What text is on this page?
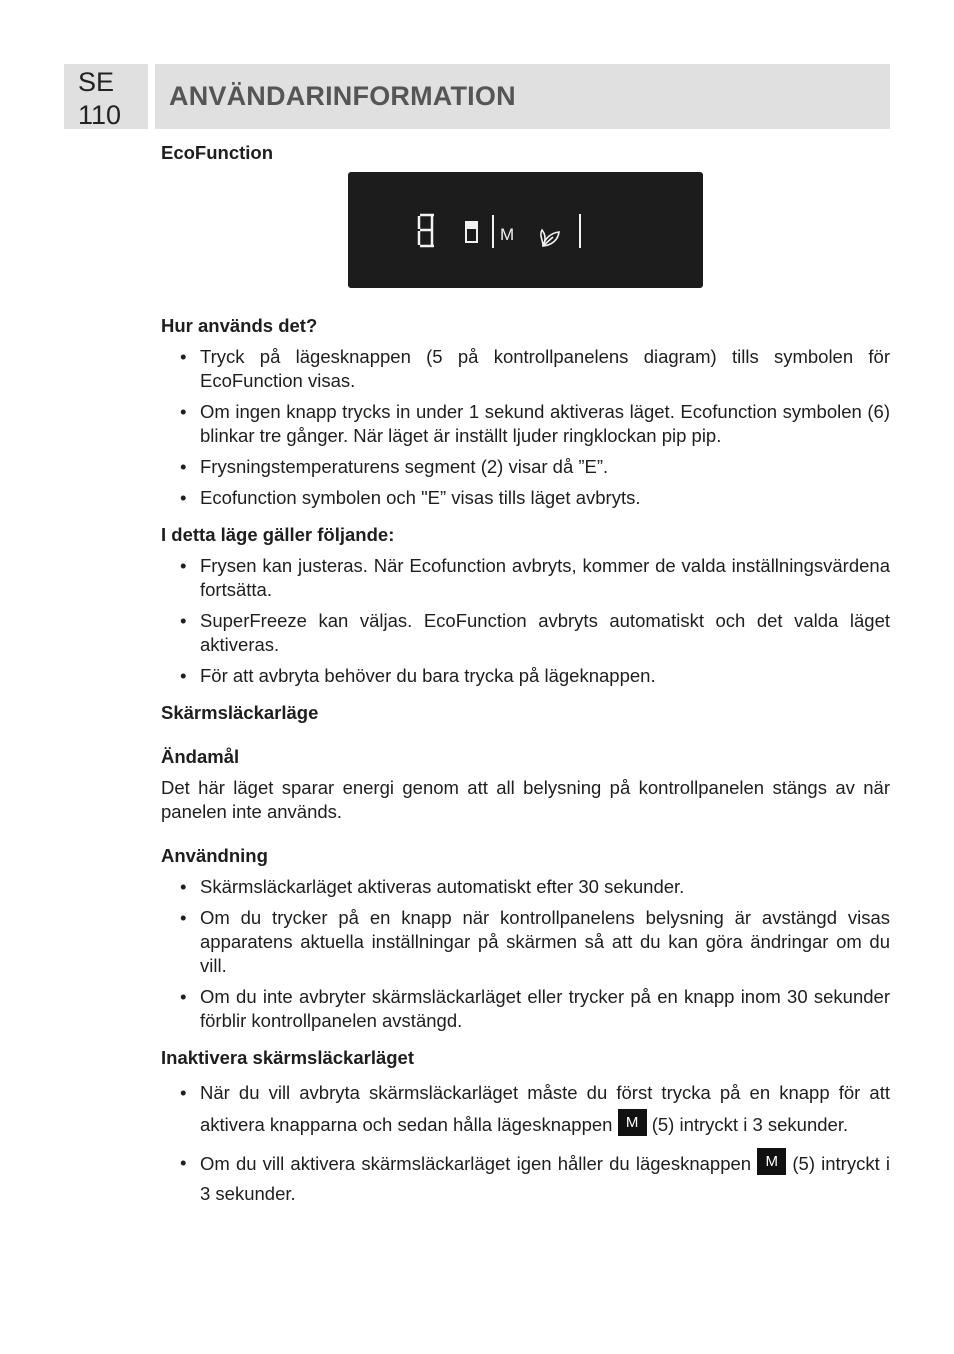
SE
110
ANVÄNDARINFORMATION

EcoFunction

M

Hur används det?

• Tryck på lägesknappen (5 på kontrollpanelens diagram) tills symbolen för EcoFunction visas.
• Om ingen knapp trycks in under 1 sekund aktiveras läget. Ecofunction symbolen (6) blinkar tre gånger. När läget är inställt ljuder ringklockan pip pip.
• Frysningstemperaturens segment (2) visar då ”E”.
• Ecofunction symbolen och "E” visas tills läget avbryts.

I detta läge gäller följande:

• Frysen kan justeras. När Ecofunction avbryts, kommer de valda inställningsvärdena fortsätta.
• SuperFreeze kan väljas. EcoFunction avbryts automatiskt och det valda läget aktiveras.
• För att avbryta behöver du bara trycka på lägeknappen.

Skärmsläckarläge

Ändamål

Det här läget sparar energi genom att all belysning på kontrollpanelen stängs av när panelen inte används.

Användning

• Skärmsläckarläget aktiveras automatiskt efter 30 sekunder.
• Om du trycker på en knapp när kontrollpanelens belysning är avstängd visas apparatens aktuella inställningar på skärmen så att du kan göra ändringar om du vill.
• Om du inte avbryter skärmsläckarläget eller trycker på en knapp inom 30 sekunder förblir kontrollpanelen avstängd.

Inaktivera skärmsläckarläget

• När du vill avbryta skärmsläckarläget måste du först trycka på en knapp för att aktivera knapparna och sedan hålla lägesknappen M (5) intryckt i 3 sekunder.
• Om du vill aktivera skärmsläckarläget igen håller du lägesknappen M (5) intryckt i 3 sekunder.
